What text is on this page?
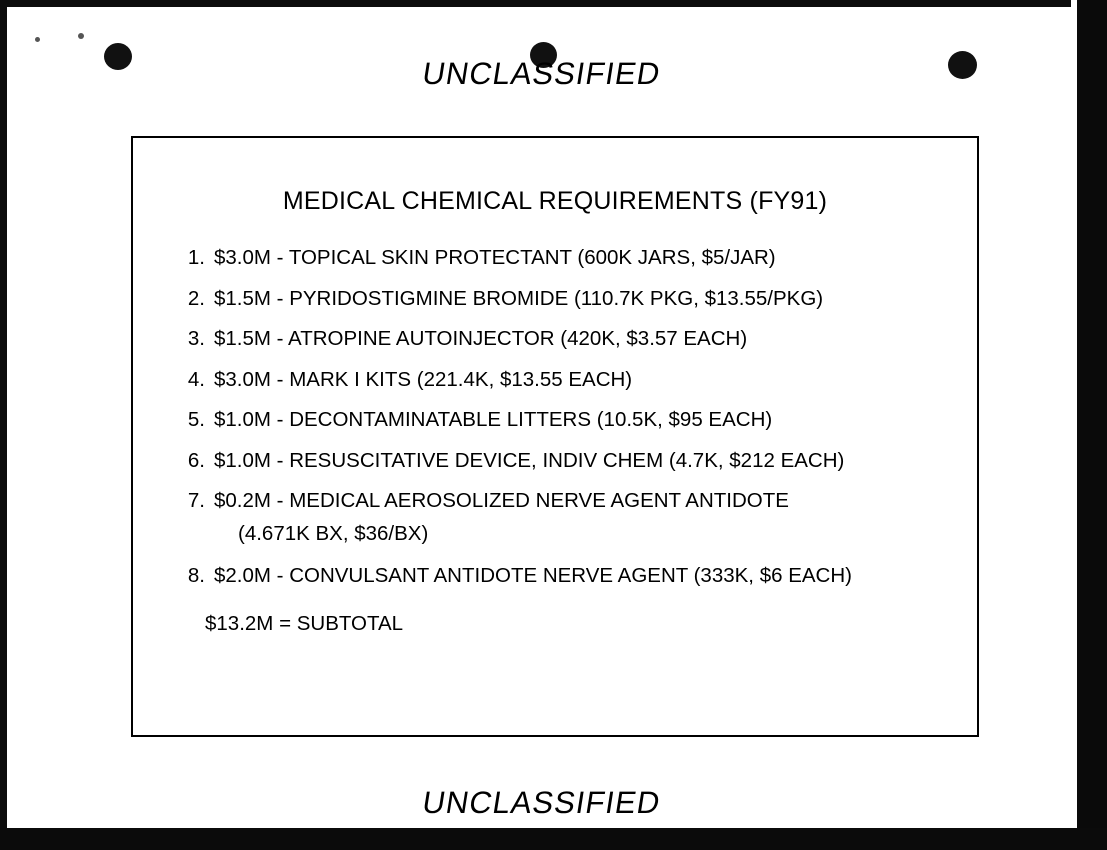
UNCLASSIFIED
MEDICAL CHEMICAL REQUIREMENTS (FY91)
1. $3.0M - TOPICAL SKIN PROTECTANT (600K JARS, $5/JAR)
2. $1.5M - PYRIDOSTIGMINE BROMIDE (110.7K PKG, $13.55/PKG)
3. $1.5M - ATROPINE AUTOINJECTOR (420K, $3.57 EACH)
4. $3.0M - MARK I KITS (221.4K, $13.55 EACH)
5. $1.0M - DECONTAMINATABLE LITTERS (10.5K, $95 EACH)
6. $1.0M - RESUSCITATIVE DEVICE, INDIV CHEM (4.7K, $212 EACH)
7. $0.2M - MEDICAL AEROSOLIZED NERVE AGENT ANTIDOTE
(4.671K BX, $36/BX)
8. $2.0M - CONVULSANT ANTIDOTE NERVE AGENT (333K, $6 EACH)
$13.2M = SUBTOTAL
UNCLASSIFIED
